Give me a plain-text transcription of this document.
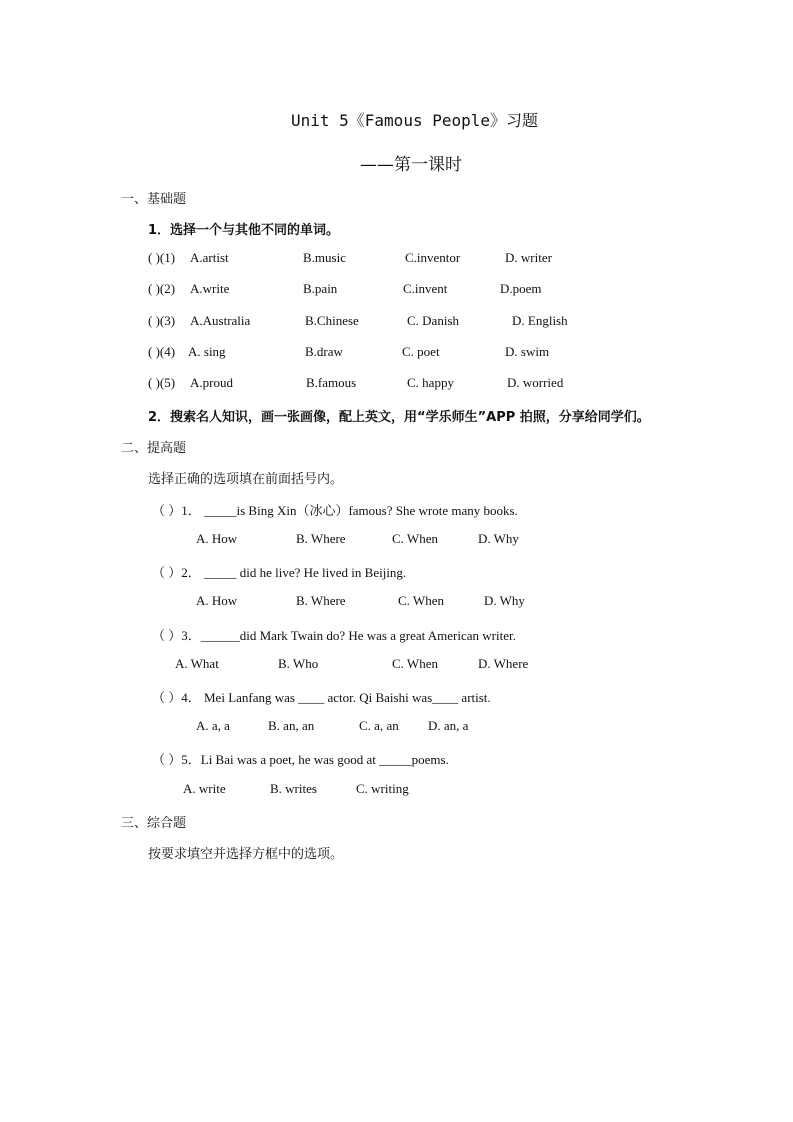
Unit 5《Famous People》习题
——第一课时
一、基础题
1．选择一个与其他不同的单词。
( )(1) A.artist	B.music	C.inventor	D. writer
( )(2) A.write	B.pain	C.invent	D.poem
( )(3) A.Australia	B.Chinese	C. Danish	D. English
( )(4) A. sing	B.draw	C. poet	D. swim
( )(5) A.proud	B.famous	C. happy	D. worried
2．搜索名人知识，画一张画像，配上英文，用“学乐师生”APP 拍照，分享给同学们。
二、提高题
选择正确的选项填在前面括号内。
（ ）1． _____is Bing Xin（冰心）famous? She wrote many books.
A. How	B. Where	C. When	D. Why
（ ）2． _____ did he live? He lived in Beijing.
A. How	B. Where	C. When	D. Why
（ ）3．______did Mark Twain do? He was a great American writer.
A. What	B. Who	C. When	D. Where
（ ）4． Mei Lanfang was ____ actor. Qi Baishi was____ artist.
A. a, a	B. an, an	C. a, an D. an, a
（ ）5．Li Bai was a poet, he was good at _____poems.
A. write	B. writes	C. writing
三、综合题
按要求填空并选择方框中的选项。
